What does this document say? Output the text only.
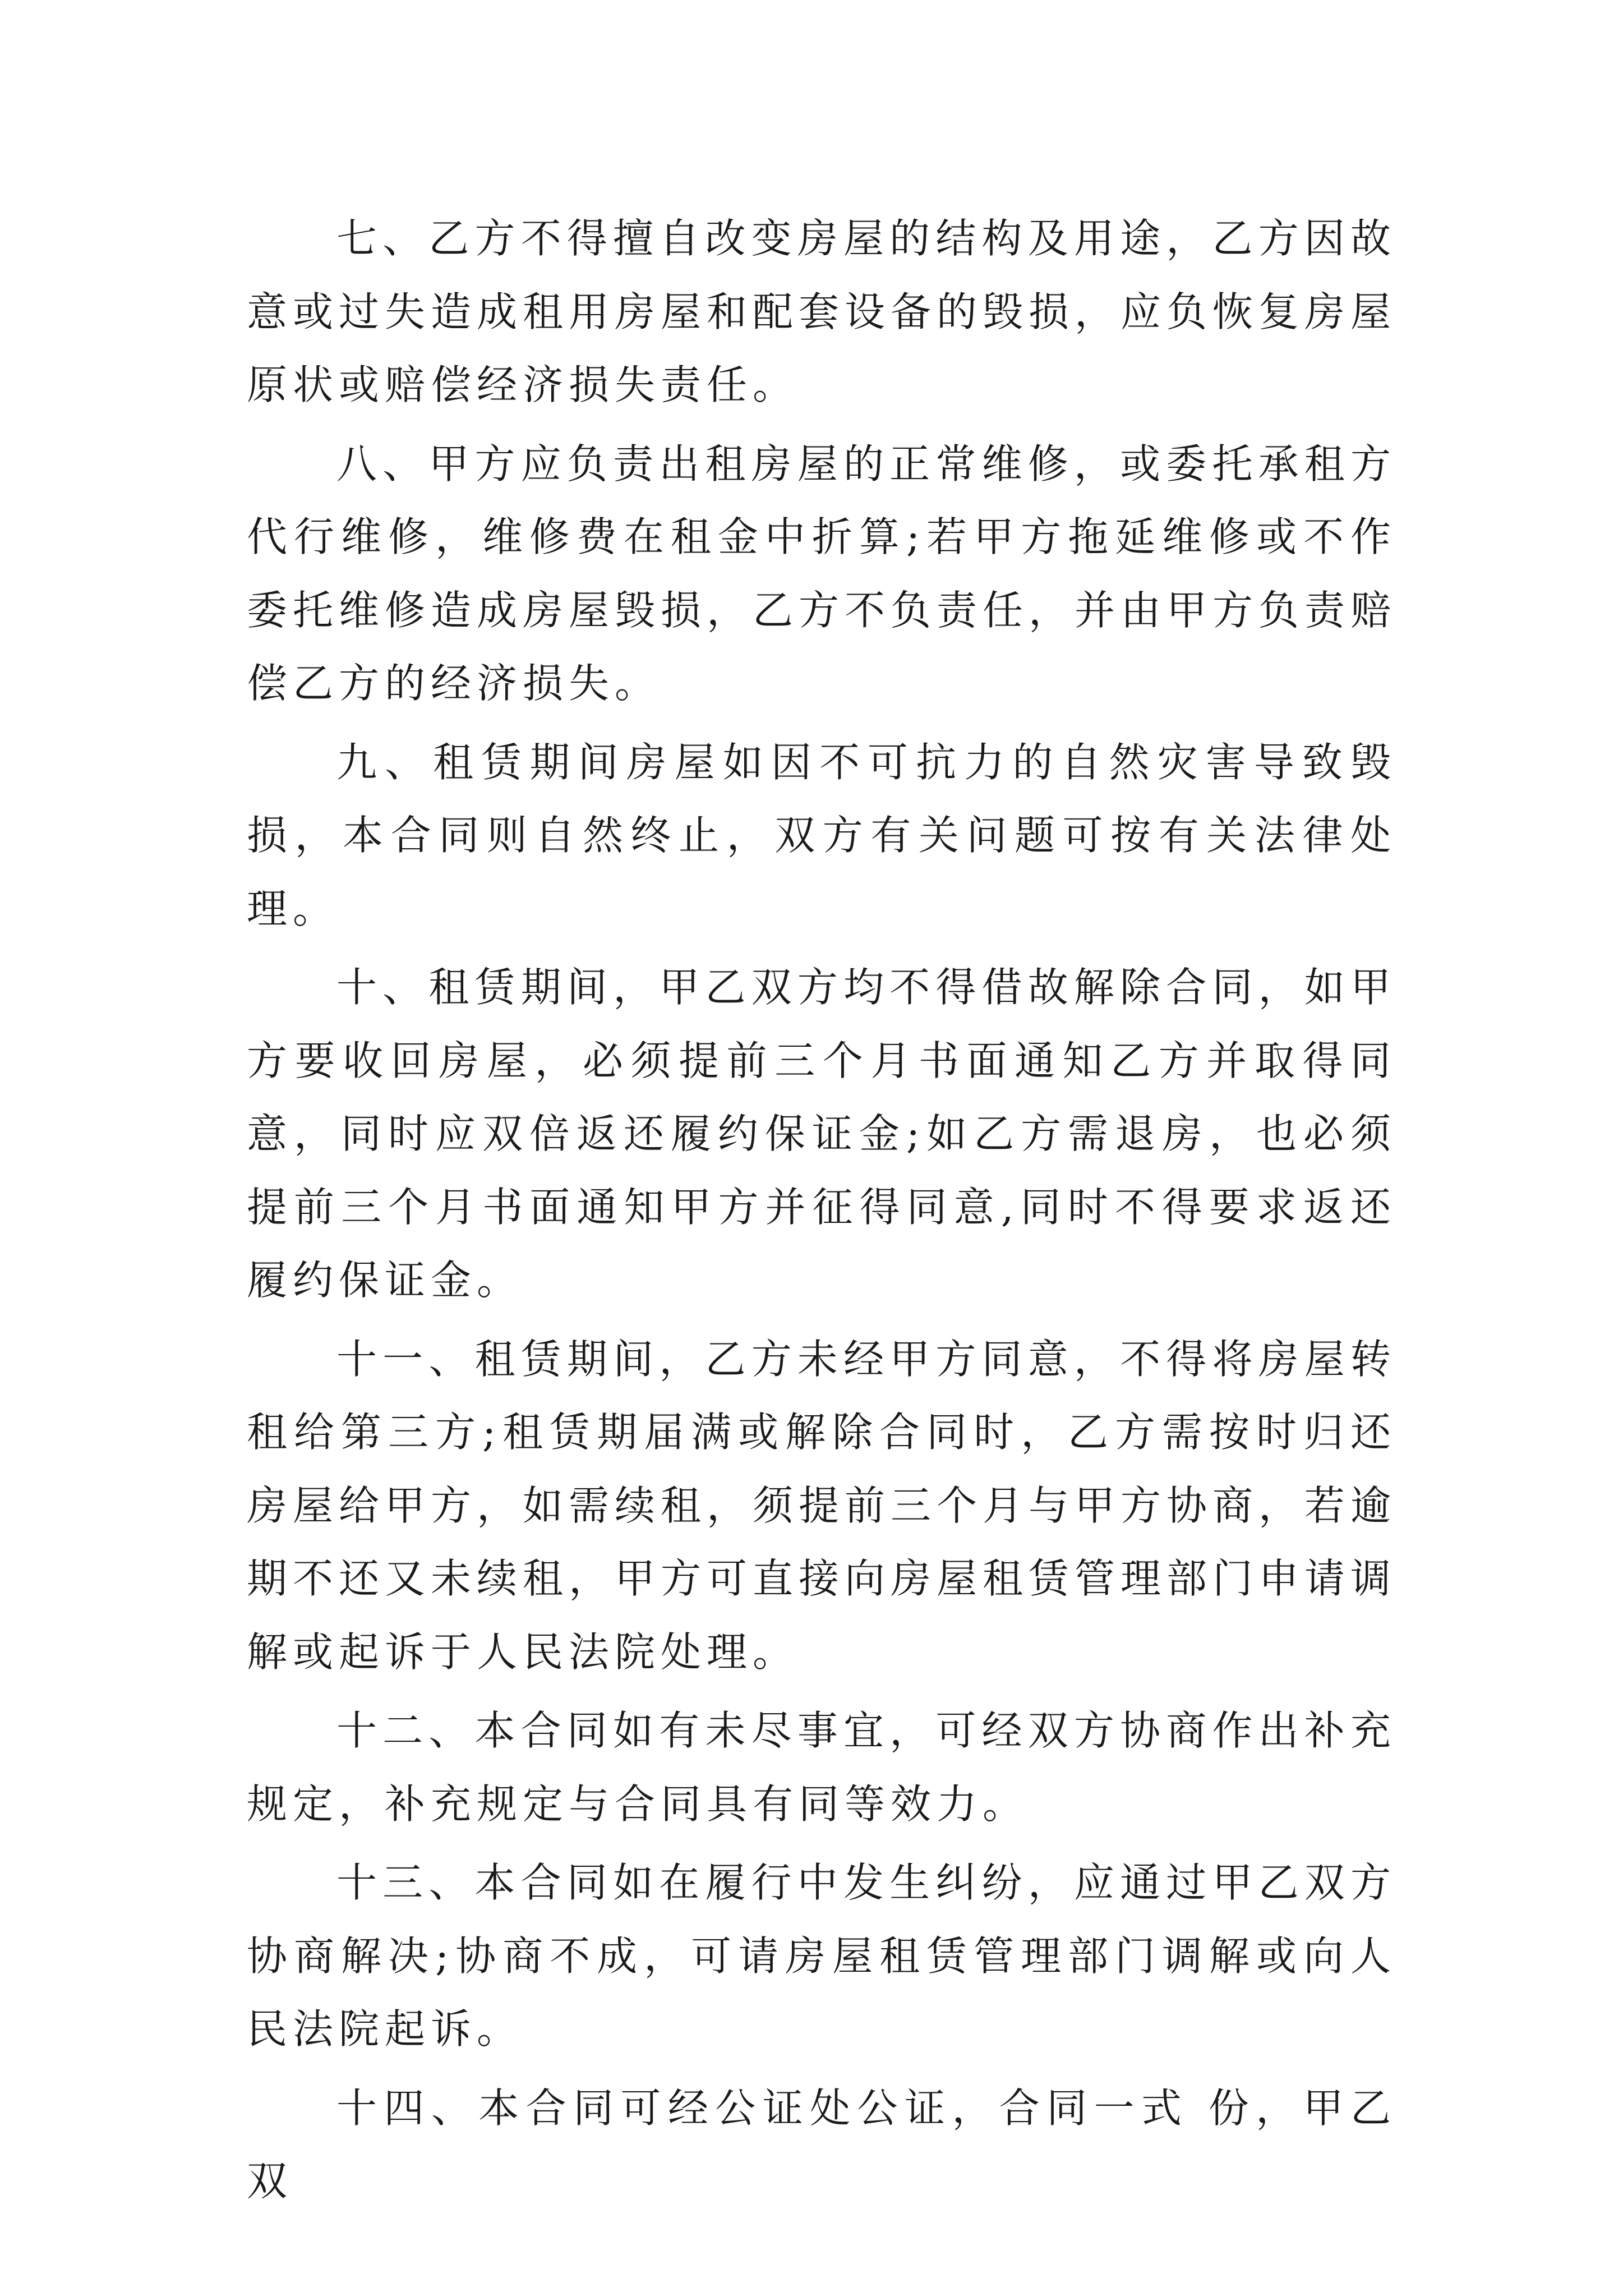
七、乙方不得擅自改变房屋的结构及用途，乙方因故意或过失造成租用房屋和配套设备的毁损，应负恢复房屋原状或赔偿经济损失责任。

八、甲方应负责出租房屋的正常维修，或委托承租方代行维修，维修费在租金中折算;若甲方拖延维修或不作委托维修造成房屋毁损，乙方不负责任，并由甲方负责赔偿乙方的经济损失。

九、租赁期间房屋如因不可抗力的自然灾害导致毁损，本合同则自然终止，双方有关问题可按有关法律处理。

十、租赁期间，甲乙双方均不得借故解除合同，如甲方要收回房屋，必须提前三个月书面通知乙方并取得同意，同时应双倍返还履约保证金;如乙方需退房，也必须提前三个月书面通知甲方并征得同意,同时不得要求返还履约保证金。

十一、租赁期间，乙方未经甲方同意，不得将房屋转租给第三方;租赁期届满或解除合同时，乙方需按时归还房屋给甲方，如需续租，须提前三个月与甲方协商，若逾期不还又未续租，甲方可直接向房屋租赁管理部门申请调解或起诉于人民法院处理。

十二、本合同如有未尽事宜，可经双方协商作出补充规定，补充规定与合同具有同等效力。

十三、本合同如在履行中发生纠纷，应通过甲乙双方协商解决;协商不成，可请房屋租赁管理部门调解或向人民法院起诉。

十四、本合同可经公证处公证，合同一式 份，甲乙双
